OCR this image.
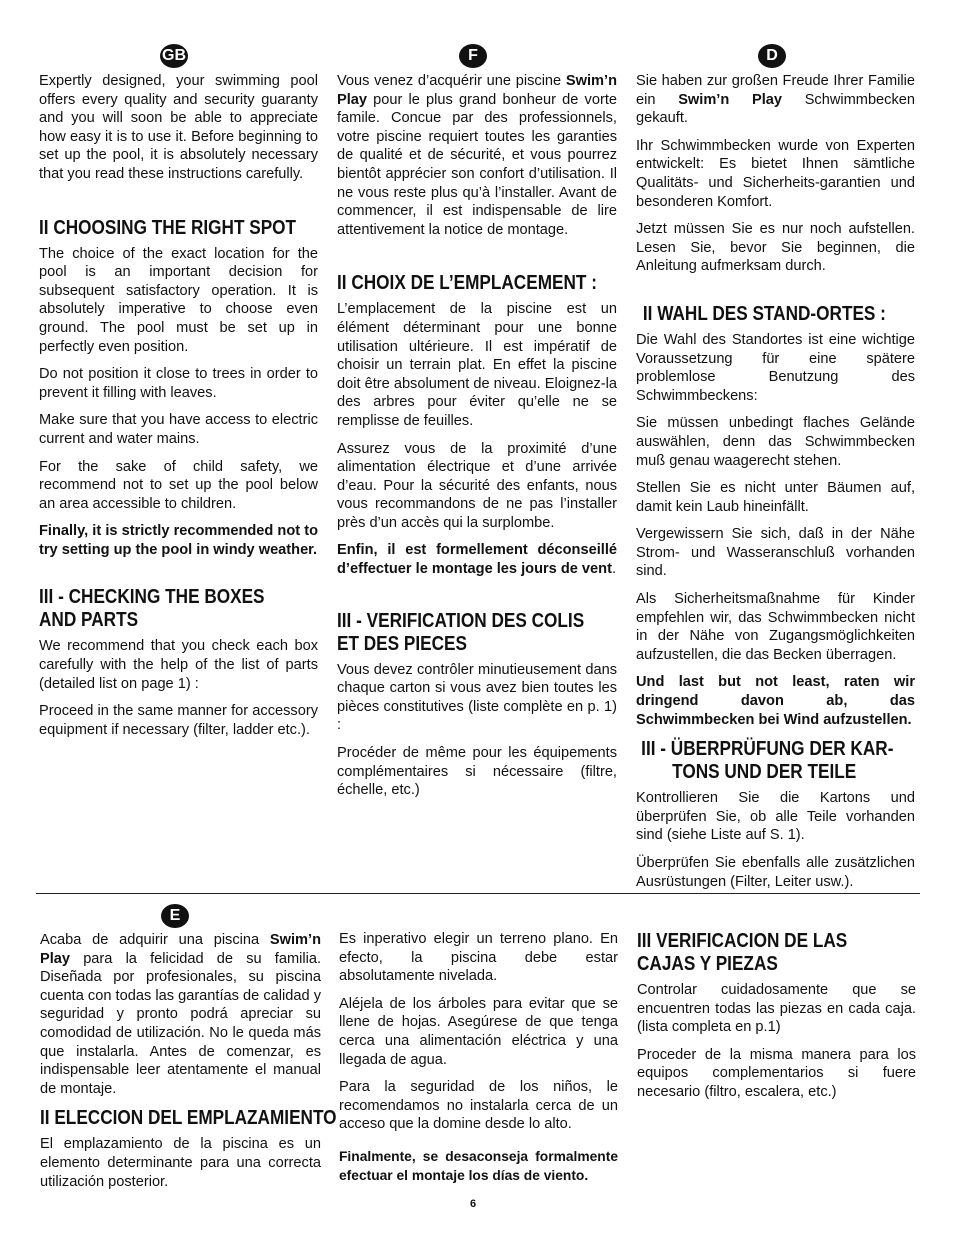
GB	F	D
E

Expertly designed, your swimming pool offers every quality and security guaranty and you will soon be able to appreciate how easy it is to use it. Before beginning to set up the pool, it is absolutely necessary that you read these instructions carefully.

II CHOOSING THE RIGHT SPOT

The choice of the exact location for the pool is an important decision for subsequent satisfactory operation. It is absolutely imperative to choose even ground. The pool must be set up in perfectly even position.

Do not position it close to trees in order to prevent it filling with leaves.

Make sure that you have access to electric current and water mains.

For the sake of child safety, we recommend not to set up the pool below an area accessible to children.

Finally, it is strictly recommended not to try setting up the pool in windy weather.

III - CHECKING THE BOXES
AND PARTS

We recommend that you check each box carefully with the help of the list of parts (detailed list on page 1) :

Proceed in the same manner for accessory equipment if necessary (filter, ladder etc.).

Vous venez d’acquérir une piscine Swim’n Play pour le plus grand bonheur de vorte famile. Concue par des professionnels, votre piscine requiert toutes les garanties de qualité et de sécurité, et vous pourrez bientôt apprécier son confort d’utilisation. Il ne vous reste plus qu’à l’installer. Avant de commencer, il est indispensable de lire attentivement la notice de montage.

II CHOIX DE L’EMPLACEMENT :

L’emplacement de la piscine est un élément déterminant pour une bonne utilisation ultérieure. Il est impératif de choisir un terrain plat. En effet la piscine doit être absolument de niveau. Eloignez-la des arbres pour éviter qu’elle ne se remplisse de feuilles.

Assurez vous de la proximité d’une alimentation électrique et d’une arrivée d’eau. Pour la sécurité des enfants, nous vous recommandons de ne pas l’installer près d’un accès qui la surplombe.

Enfin, il est formellement déconseillé d’effectuer le montage les jours de vent.

III - VERIFICATION DES COLIS
ET DES PIECES

Vous devez contrôler minutieusement dans chaque carton si vous avez bien toutes les pièces constitutives (liste complète en p. 1) :

Procéder de même pour les équipements complémentaires si nécessaire (filtre, échelle, etc.)

Sie haben zur großen Freude Ihrer Familie ein Swim’n Play Schwimmbecken gekauft.

Ihr Schwimmbecken wurde von Experten entwickelt: Es bietet Ihnen sämtliche Qualitäts- und Sicherheits-garantien und besonderen Komfort.

Jetzt müssen Sie es nur noch aufstellen. Lesen Sie, bevor Sie beginnen, die Anleitung aufmerksam durch.

II WAHL DES STAND-ORTES :

Die Wahl des Standortes ist eine wichtige Voraussetzung für eine spätere problemlose Benutzung des Schwimmbeckens:

Sie müssen unbedingt flaches Gelände auswählen, denn das Schwimmbecken muß genau waagerecht stehen.

Stellen Sie es nicht unter Bäumen auf, damit kein Laub hineinfällt.

Vergewissern Sie sich, daß in der Nähe Strom- und Wasseranschluß vorhanden sind.

Als Sicherheitsmaßnahme für Kinder empfehlen wir, das Schwimmbecken nicht in der Nähe von Zugangsmöglichkeiten aufzustellen, die das Becken überragen.

Und last but not least, raten wir dringend davon ab, das Schwimmbecken bei Wind aufzustellen.

III - ÜBERPRÜFUNG DER KAR-
TONS UND DER TEILE

Kontrollieren Sie die Kartons und überprüfen Sie, ob alle Teile vorhanden sind (siehe Liste auf S. 1).

Überprüfen Sie ebenfalls alle zusätzlichen Ausrüstungen (Filter, Leiter usw.).

Acaba de adquirir una piscina Swim’n Play para la felicidad de su familia. Diseñada por profesionales, su piscina cuenta con todas las garantías de calidad y seguridad y pronto podrá apreciar su comodidad de utilización. No le queda más que instalarla. Antes de comenzar, es indispensable leer atentamente el manual de montaje.

II ELECCION DEL EMPLAZAMIENTO

El emplazamiento de la piscina es un elemento determinante para una correcta utilización posterior.

Es inperativo elegir un terreno plano. En efecto, la piscina debe estar absolutamente nivelada.

Aléjela de los árboles para evitar que se llene de hojas. Asegúrese de que tenga cerca una alimentación eléctrica y una llegada de agua.

Para la seguridad de los niños, le recomendamos no instalarla cerca de un acceso que la domine desde lo alto.

Finalmente, se desaconseja formalmente efectuar el montaje los días de viento.

III VERIFICACION DE LAS
CAJAS Y PIEZAS

Controlar cuidadosamente que se encuentren todas las piezas en cada caja. (lista completa en p.1)

Proceder de la misma manera para los equipos complementarios si fuere necesario (filtro, escalera, etc.)

6
